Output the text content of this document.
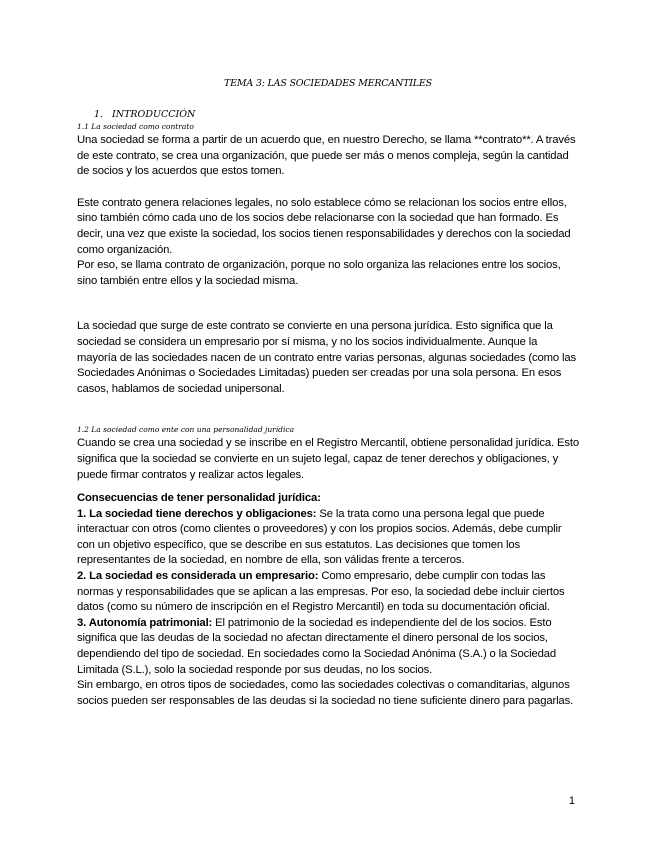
TEMA 3: LAS SOCIEDADES MERCANTILES
1. INTRODUCCIÓN
1.1 La sociedad como contrato

Una sociedad se forma a partir de un acuerdo que, en nuestro Derecho, se llama **contrato**. A través de este contrato, se crea una organización, que puede ser más o menos compleja, según la cantidad de socios y los acuerdos que estos tomen.

Este contrato genera relaciones legales, no solo establece cómo se relacionan los socios entre ellos, sino también cómo cada uno de los socios debe relacionarse con la sociedad que han formado. Es decir, una vez que existe la sociedad, los socios tienen responsabilidades y derechos con la sociedad como organización.

Por eso, se llama contrato de organización, porque no solo organiza las relaciones entre los socios, sino también entre ellos y la sociedad misma.

La sociedad que surge de este contrato se convierte en una persona jurídica. Esto significa que la sociedad se considera un empresario por sí misma, y no los socios individualmente. Aunque la mayoría de las sociedades nacen de un contrato entre varias personas, algunas sociedades (como las Sociedades Anónimas o Sociedades Limitadas) pueden ser creadas por una sola persona. En esos casos, hablamos de sociedad unipersonal.

1.2 La sociedad como ente con una personalidad jurídica

Cuando se crea una sociedad y se inscribe en el Registro Mercantil, obtiene personalidad jurídica. Esto significa que la sociedad se convierte en un sujeto legal, capaz de tener derechos y obligaciones, y puede firmar contratos y realizar actos legales.

Consecuencias de tener personalidad jurídica:

1. La sociedad tiene derechos y obligaciones: Se la trata como una persona legal que puede interactuar con otros (como clientes o proveedores) y con los propios socios. Además, debe cumplir con un objetivo específico, que se describe en sus estatutos. Las decisiones que tomen los representantes de la sociedad, en nombre de ella, son válidas frente a terceros.

2. La sociedad es considerada un empresario: Como empresario, debe cumplir con todas las normas y responsabilidades que se aplican a las empresas. Por eso, la sociedad debe incluir ciertos datos (como su número de inscripción en el Registro Mercantil) en toda su documentación oficial.

3. Autonomía patrimonial: El patrimonio de la sociedad es independiente del de los socios. Esto significa que las deudas de la sociedad no afectan directamente el dinero personal de los socios, dependiendo del tipo de sociedad. En sociedades como la Sociedad Anónima (S.A.) o la Sociedad Limitada (S.L.), solo la sociedad responde por sus deudas, no los socios.

Sin embargo, en otros tipos de sociedades, como las sociedades colectivas o comanditarias, algunos socios pueden ser responsables de las deudas si la sociedad no tiene suficiente dinero para pagarlas.

1
